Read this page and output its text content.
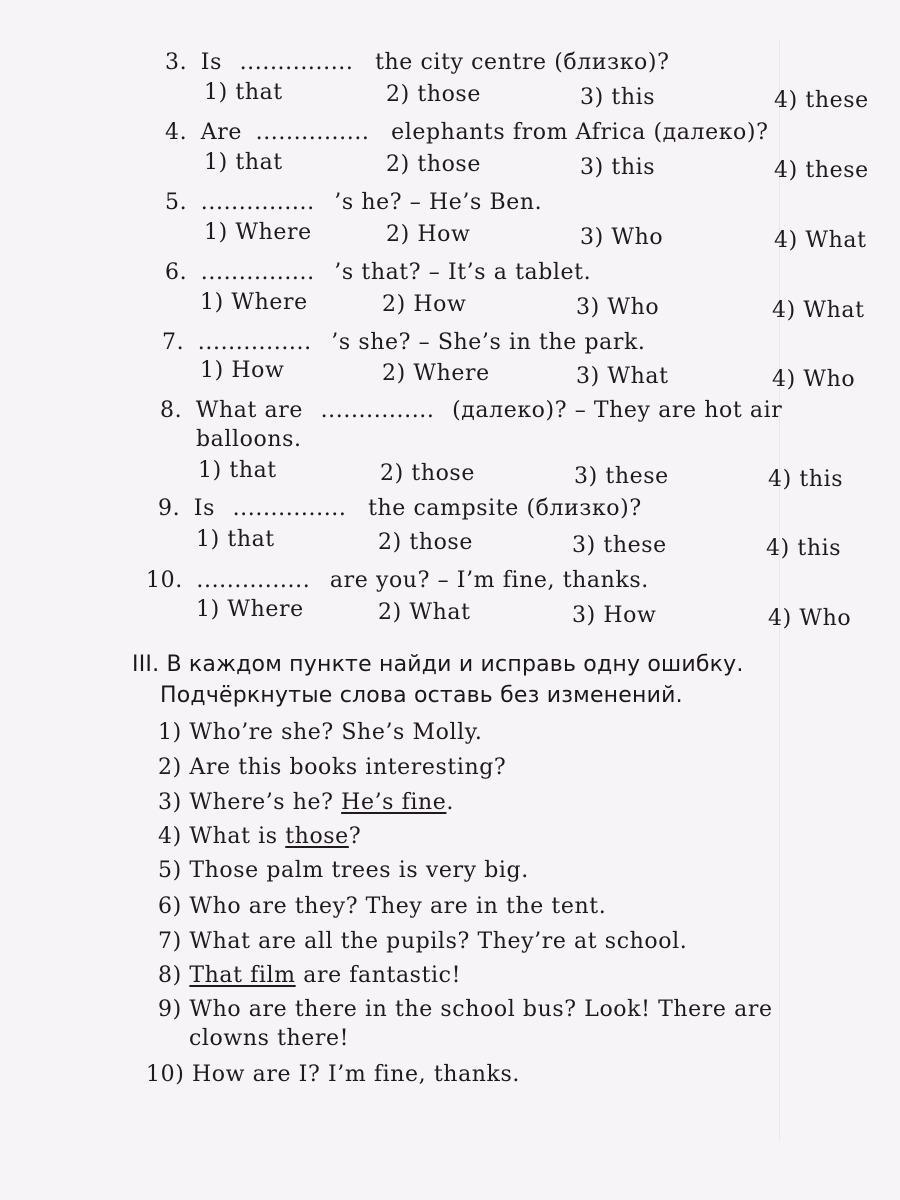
3. Is ............... the city centre (близко)?
1) that	2) those	3) this	4) these
4. Are ............... elephants from Africa (далеко)?
1) that	2) those	3) this	4) these
5. ............... ’s he? – He’s Ben.
1) Where	2) How	3) Who	4) What
6. ............... ’s that? – It’s a tablet.
1) Where	2) How	3) Who	4) What
7. ............... ’s she? – She’s in the park.
1) How	2) Where	3) What	4) Who
8. What are ............... (далеко)? – They are hot air
balloons.
1) that	2) those	3) these	4) this
9. Is ............... the campsite (близко)?
1) that	2) those	3) these	4) this
10. ............... are you? – I’m fine, thanks.
1) Where	2) What	3) How	4) Who
III. В каждом пункте найди и исправь одну ошибку.
Подчёркнутые слова оставь без изменений.
1) Who’re she? She’s Molly.
2) Are this books interesting?
3) Where’s he? He’s fine.
4) What is those?
5) Those palm trees is very big.
6) Who are they? They are in the tent.
7) What are all the pupils? They’re at school.
8) That film are fantastic!
9) Who are there in the school bus? Look! There are
clowns there!
10) How are I? I’m fine, thanks.
